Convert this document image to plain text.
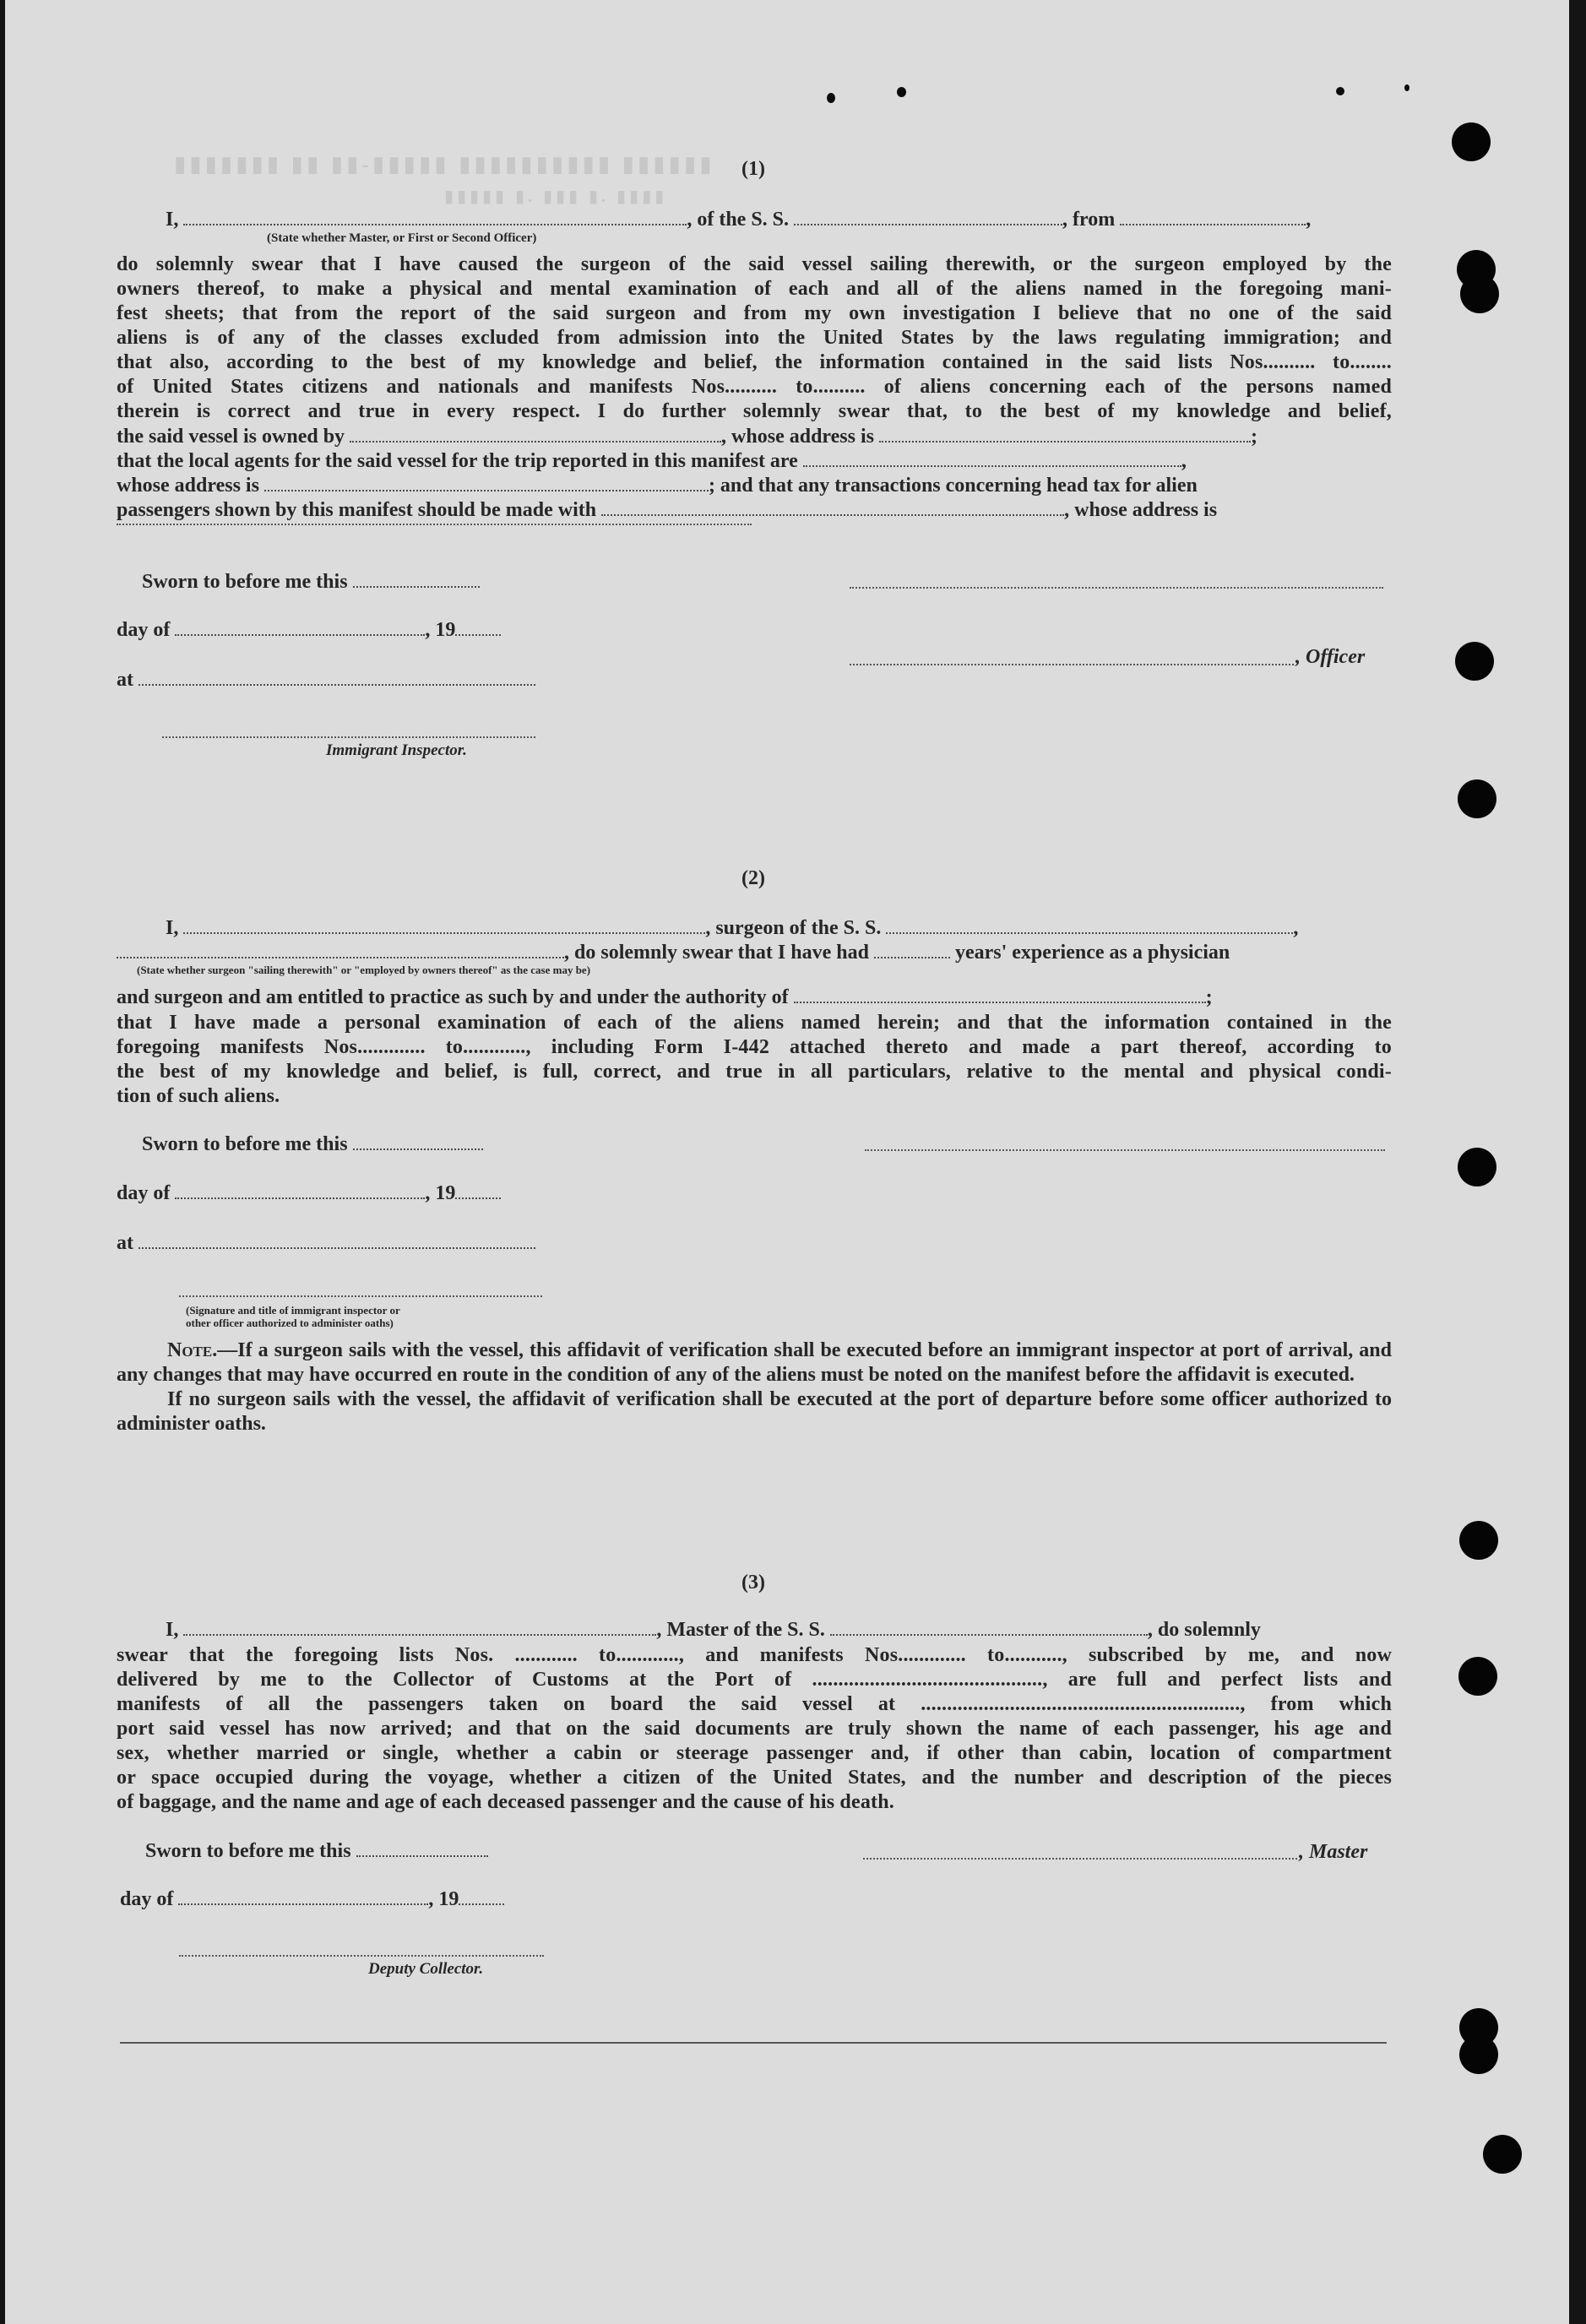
▮▮▮▮▮▮▮ ▮▮ ▮▮-▮▮▮▮▮ ▮▮▮▮▮▮▮▮▮▮ ▮▮▮▮▮▮
▮▮▮▮▮ ▮. ▮▮▮ ▮. ▮▮▮▮
(1)
I,	, of the S. S.	, from	,
(State whether Master, or First or Second Officer)

do solemnly swear that I have caused the surgeon of the said vessel sailing therewith, or the surgeon employed by the

owners thereof, to make a physical and mental examination of each and all of the aliens named in the foregoing mani-

fest sheets; that from the report of the said surgeon and from my own investigation I believe that no one of the said

aliens is of any of the classes excluded from admission into the United States by the laws regulating immigration; and

that also, according to the best of my knowledge and belief, the information contained in the said lists Nos.......... to........

of United States citizens and nationals and manifests Nos.......... to.......... of aliens concerning each of the persons named

therein is correct and true in every respect. I do further solemnly swear that, to the best of my knowledge and belief,

the said vessel is owned by	, whose address is	;
that the local agents for the said vessel for the trip reported in this manifest are	,
whose address is	; and that any transactions concerning head tax for alien
passengers shown by this manifest should be made with	, whose address is
Sworn to before me this
day of	, 19
, Officer
at
Immigrant Inspector.
(2)
I,	, surgeon of the S. S.	,
, do solemnly swear that I have had	years' experience as a physician
(State whether surgeon "sailing therewith" or "employed by owners thereof" as the case may be)
and surgeon and am entitled to practice as such by and under the authority of	;

that I have made a personal examination of each of the aliens named herein; and that the information contained in the

foregoing manifests Nos............. to............, including Form I-442 attached thereto and made a part thereof, according to

the best of my knowledge and belief, is full, correct, and true in all particulars, relative to the mental and physical condi-

tion of such aliens.

Sworn to before me this
day of	, 19
at
(Signature and title of immigrant inspector or
other officer authorized to administer oaths)

Note.—If a surgeon sails with the vessel, this affidavit of verification shall be executed before an immigrant inspector at port of arrival, and any changes that may have occurred en route in the condition of any of the aliens must be noted on the manifest before the affidavit is executed.

If no surgeon sails with the vessel, the affidavit of verification shall be executed at the port of departure before some officer authorized to administer oaths.

(3)
I,	, Master of the S. S.	, do solemnly

swear that the foregoing lists Nos. ............ to............, and manifests Nos............. to..........., subscribed by me, and now

delivered by me to the Collector of Customs at the Port of ............................................, are full and perfect lists and

manifests of all the passengers taken on board the said vessel at ............................................................., from which

port said vessel has now arrived; and that on the said documents are truly shown the name of each passenger, his age and

sex, whether married or single, whether a cabin or steerage passenger and, if other than cabin, location of compartment

or space occupied during the voyage, whether a citizen of the United States, and the number and description of the pieces

of baggage, and the name and age of each deceased passenger and the cause of his death.

Sworn to before me this	, Master
day of	, 19
Deputy Collector.
